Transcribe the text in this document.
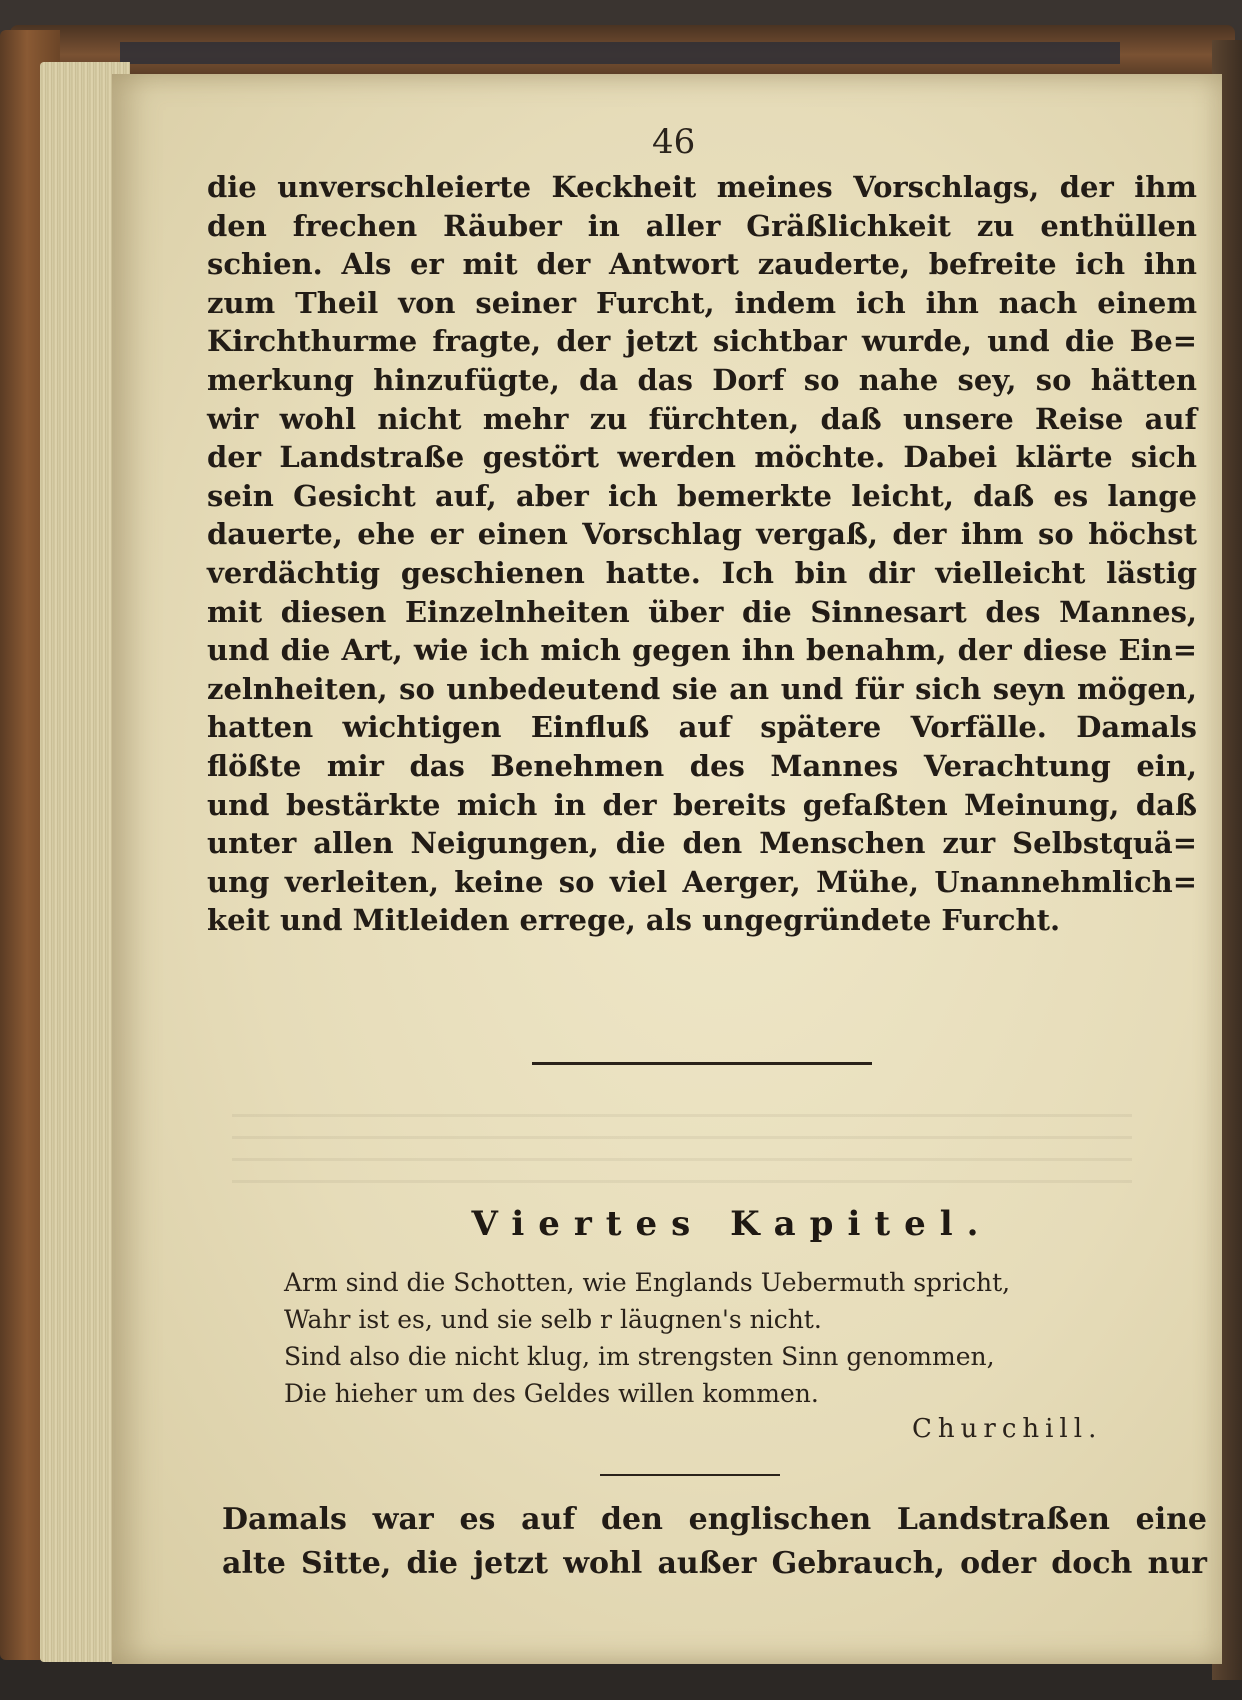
46
die unverschleierte Keckheit meines Vorschlags, der ihm
den frechen Räuber in aller Gräßlichkeit zu enthüllen
schien. Als er mit der Antwort zauderte, befreite ich ihn
zum Theil von seiner Furcht, indem ich ihn nach einem
Kirchthurme fragte, der jetzt sichtbar wurde, und die Be=
merkung hinzufügte, da das Dorf so nahe sey, so hätten
wir wohl nicht mehr zu fürchten, daß unsere Reise auf
der Landstraße gestört werden möchte. Dabei klärte sich
sein Gesicht auf, aber ich bemerkte leicht, daß es lange
dauerte, ehe er einen Vorschlag vergaß, der ihm so höchst
verdächtig geschienen hatte. Ich bin dir vielleicht lästig
mit diesen Einzelnheiten über die Sinnesart des Mannes,
und die Art, wie ich mich gegen ihn benahm, der diese Ein=
zelnheiten, so unbedeutend sie an und für sich seyn mögen,
hatten wichtigen Einfluß auf spätere Vorfälle. Damals
flößte mir das Benehmen des Mannes Verachtung ein,
und bestärkte mich in der bereits gefaßten Meinung, daß
unter allen Neigungen, die den Menschen zur Selbstquä=
ung verleiten, keine so viel Aerger, Mühe, Unannehmlich=
keit und Mitleiden errege, als ungegründete Furcht.
Viertes Kapitel.
Arm sind die Schotten, wie Englands Uebermuth spricht,
Wahr ist es, und sie selb r läugnen's nicht.
Sind also die nicht klug, im strengsten Sinn genommen,
Die hieher um des Geldes willen kommen.
Churchill.
Damals war es auf den englischen Landstraßen eine
alte Sitte, die jetzt wohl außer Gebrauch, oder doch nur
